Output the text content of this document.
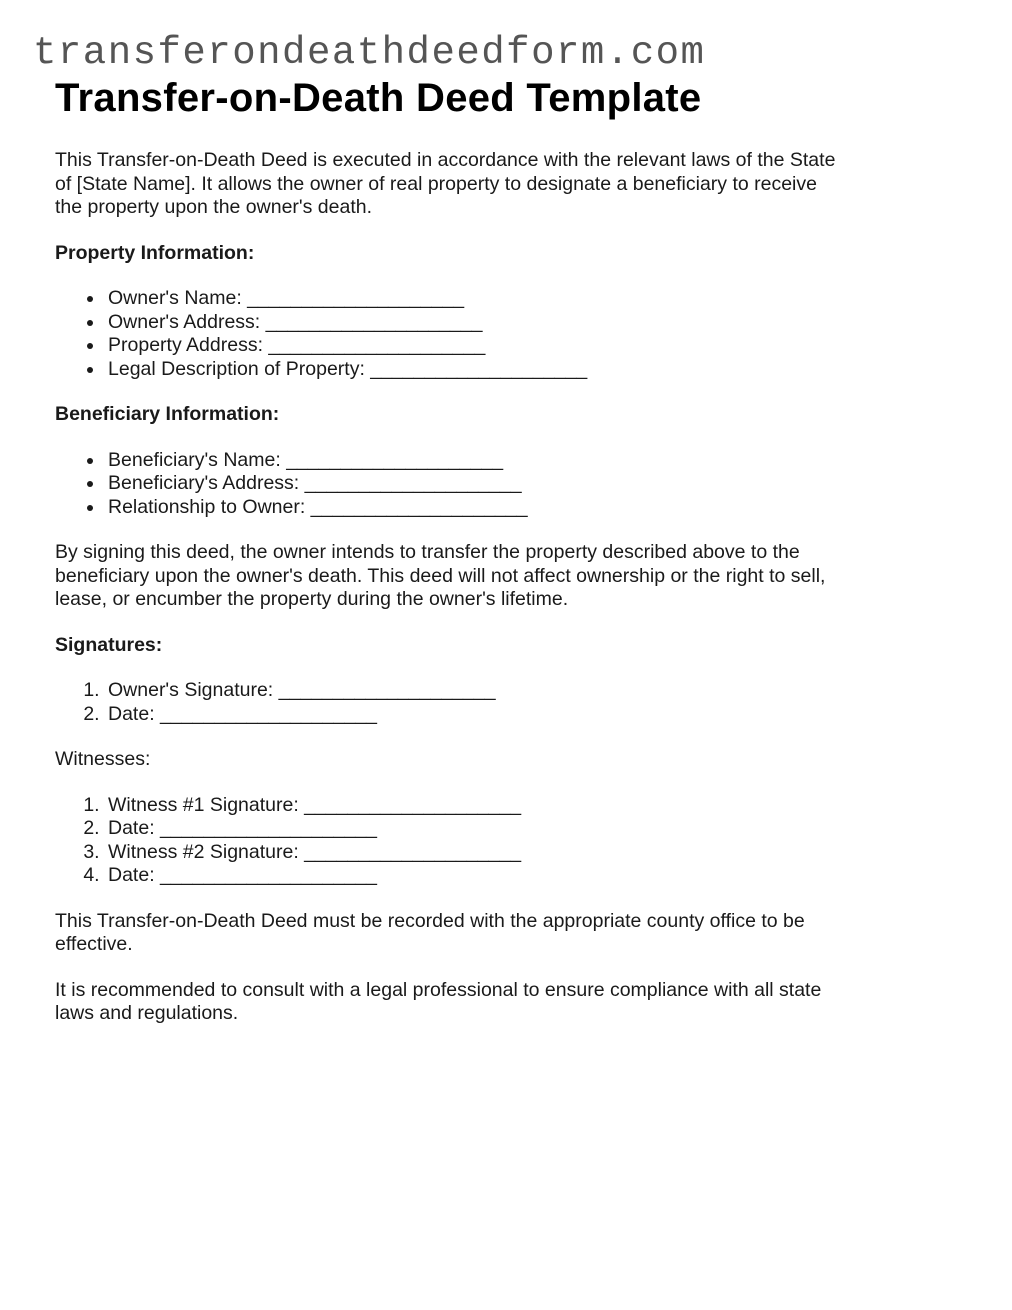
transferondeathdeedform.com
Transfer-on-Death Deed Template

This Transfer-on-Death Deed is executed in accordance with the relevant laws of the State
of [State Name]. It allows the owner of real property to designate a beneficiary to receive
the property upon the owner's death.

Property Information:
• Owner's Name: ____________________
• Owner's Address: ____________________
• Property Address: ____________________
• Legal Description of Property: ____________________
Beneficiary Information:
• Beneficiary's Name: ____________________
• Beneficiary's Address: ____________________
• Relationship to Owner: ____________________

By signing this deed, the owner intends to transfer the property described above to the
beneficiary upon the owner's death. This deed will not affect ownership or the right to sell,
lease, or encumber the property during the owner's lifetime.

Signatures:
1. Owner's Signature: ____________________
2. Date: ____________________

Witnesses:

1. Witness #1 Signature: ____________________
2. Date: ____________________
3. Witness #2 Signature: ____________________
4. Date: ____________________

This Transfer-on-Death Deed must be recorded with the appropriate county office to be
effective.

It is recommended to consult with a legal professional to ensure compliance with all state
laws and regulations.
